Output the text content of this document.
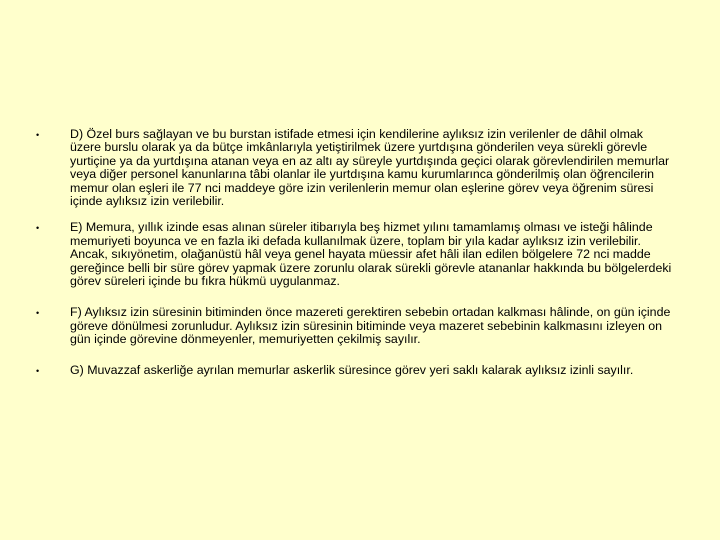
•	D) Özel burs sağlayan ve bu burstan istifade etmesi için kendilerine aylıksız izin verilenler de dâhil olmak üzere burslu olarak ya da bütçe imkânlarıyla yetiştirilmek üzere yurtdışına gönderilen veya sürekli görevle yurtiçine ya da yurtdışına atanan veya en az altı ay süreyle yurtdışında geçici olarak görevlendirilen memurlar veya diğer personel kanunlarına tâbi olanlar ile yurtdışına kamu kurumlarınca gönderilmiş olan öğrencilerin memur olan eşleri ile 77 nci maddeye göre izin verilenlerin memur olan eşlerine görev veya öğrenim süresi içinde aylıksız izin verilebilir.
•	E) Memura, yıllık izinde esas alınan süreler itibarıyla beş hizmet yılını tamamlamış olması ve isteği hâlinde memuriyeti boyunca ve en fazla iki defada kullanılmak üzere, toplam bir yıla kadar aylıksız izin verilebilir. Ancak, sıkıyönetim, olağanüstü hâl veya genel hayata müessir afet hâli ilan edilen bölgelere 72 nci madde gereğince belli bir süre görev yapmak üzere zorunlu olarak sürekli görevle atananlar hakkında bu bölgelerdeki görev süreleri içinde bu fıkra hükmü uygulanmaz.
•	F) Aylıksız izin süresinin bitiminden önce mazereti gerektiren sebebin ortadan kalkması hâlinde, on gün içinde göreve dönülmesi zorunludur. Aylıksız izin süresinin bitiminde veya mazeret sebebinin kalkmasını izleyen on gün içinde görevine dönmeyenler, memuriyetten çekilmiş sayılır.
•	G) Muvazzaf askerliğe ayrılan memurlar askerlik süresince görev yeri saklı kalarak aylıksız izinli sayılır.
